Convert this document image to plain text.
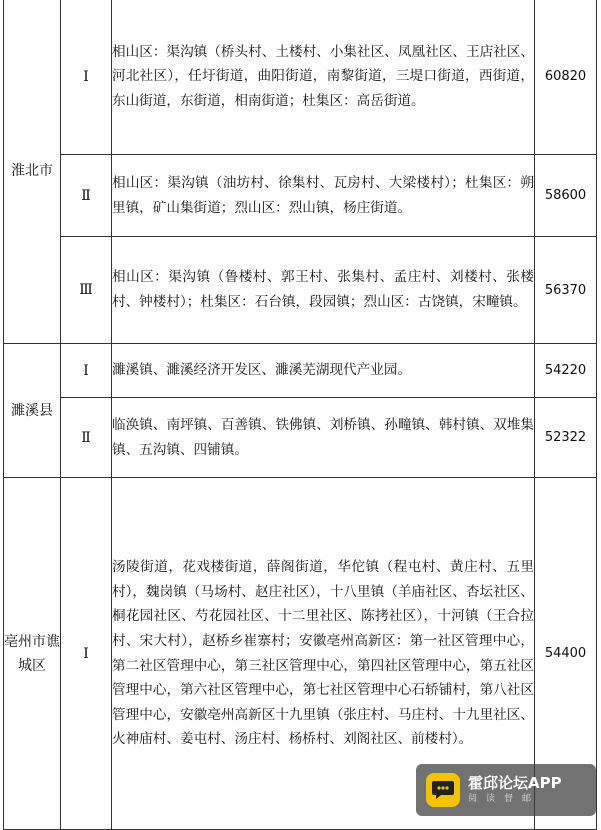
淮北市	Ⅰ	相山区：渠沟镇（桥头村、土楼村、小集社区、凤凰社区、王店社区、河北社区），任圩街道，曲阳街道，南黎街道，三堤口街道，西街道，东山街道，东街道，相南街道；杜集区：高岳街道。	60820
	Ⅱ	相山区：渠沟镇（油坊村、徐集村、瓦房村、大梁楼村）；杜集区：朔里镇，矿山集街道；烈山区：烈山镇，杨庄街道。	58600
	Ⅲ	相山区：渠沟镇（鲁楼村、郭王村、张集村、孟庄村、刘楼村、张楼村、钟楼村）；杜集区：石台镇，段园镇；烈山区：古饶镇，宋疃镇。	56370
濉溪县	Ⅰ	濉溪镇、濉溪经济开发区、濉溪芜湖现代产业园。	54220
	Ⅱ	临涣镇、南坪镇、百善镇、铁佛镇、刘桥镇、孙疃镇、韩村镇、双堆集镇、五沟镇、四铺镇。	52322
亳州市谯城区	Ⅰ	汤陵街道，花戏楼街道，薛阁街道，华佗镇（程屯村、黄庄村、五里村），魏岗镇（马场村、赵庄社区），十八里镇（羊庙社区、杏坛社区、桐花园社区、芍花园社区、十二里社区、陈拷社区），十河镇（王合拉村、宋大村），赵桥乡崔寨村；安徽亳州高新区：第一社区管理中心，第二社区管理中心，第三社区管理中心，第四社区管理中心，第五社区管理中心，第六社区管理中心，第七社区管理中心石轿铺村，第八社区管理中心，安徽亳州高新区十九里镇（张庄村、马庄村、十九里社区、火神庙村、姜屯村、汤庄村、杨桥村、刘阁社区、前楼村）。	54400
霍邱论坛APP
阅读督邮
